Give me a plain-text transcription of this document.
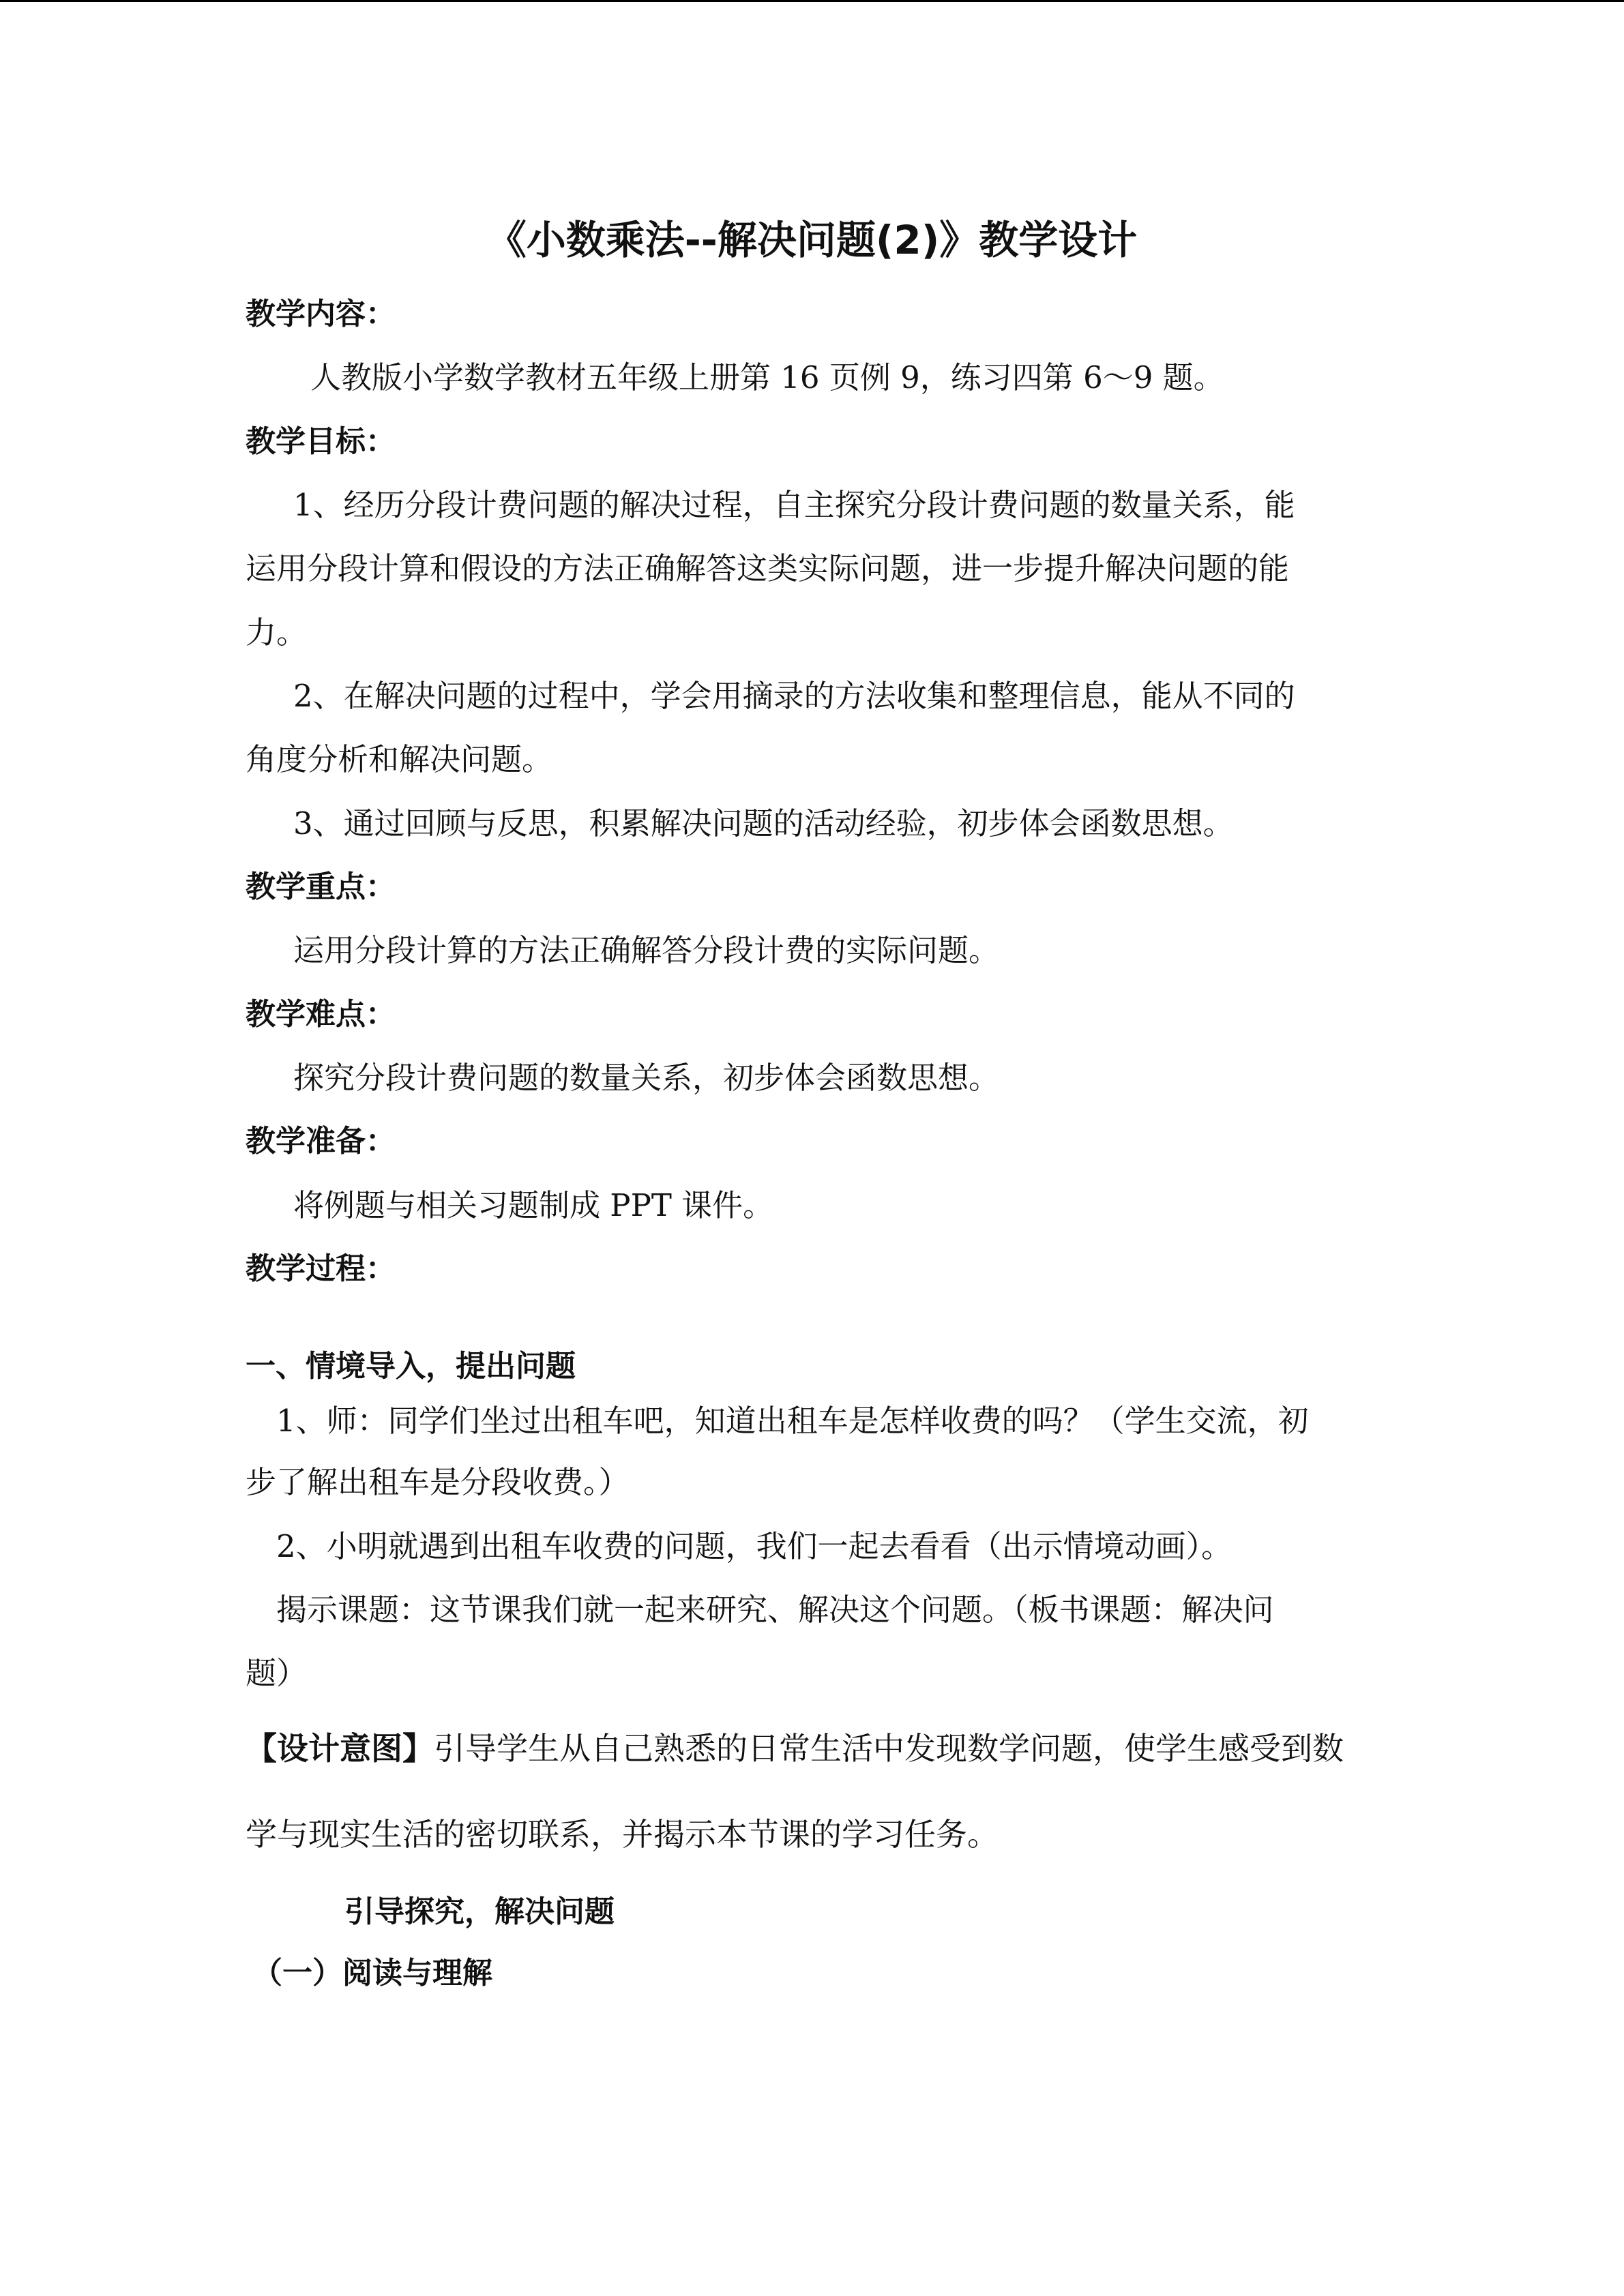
《小数乘法--解决问题(2)》教学设计
教学内容：
人教版小学数学教材五年级上册第 16 页例 9，练习四第 6～9 题。
教学目标：
1、经历分段计费问题的解决过程，自主探究分段计费问题的数量关系，能
运用分段计算和假设的方法正确解答这类实际问题，进一步提升解决问题的能
力。
2、在解决问题的过程中，学会用摘录的方法收集和整理信息，能从不同的
角度分析和解决问题。
3、通过回顾与反思，积累解决问题的活动经验，初步体会函数思想。
教学重点：
运用分段计算的方法正确解答分段计费的实际问题。
教学难点：
探究分段计费问题的数量关系，初步体会函数思想。
教学准备：
将例题与相关习题制成 PPT 课件。
教学过程：
一、情境导入，提出问题
1、师：同学们坐过出租车吧，知道出租车是怎样收费的吗？（学生交流，初
步了解出租车是分段收费。）
2、小明就遇到出租车收费的问题，我们一起去看看（出示情境动画）。
揭示课题：这节课我们就一起来研究、解决这个问题。（板书课题：解决问
题）
【设计意图】引导学生从自己熟悉的日常生活中发现数学问题，使学生感受到数
学与现实生活的密切联系，并揭示本节课的学习任务。
引导探究，解决问题
（一）阅读与理解
